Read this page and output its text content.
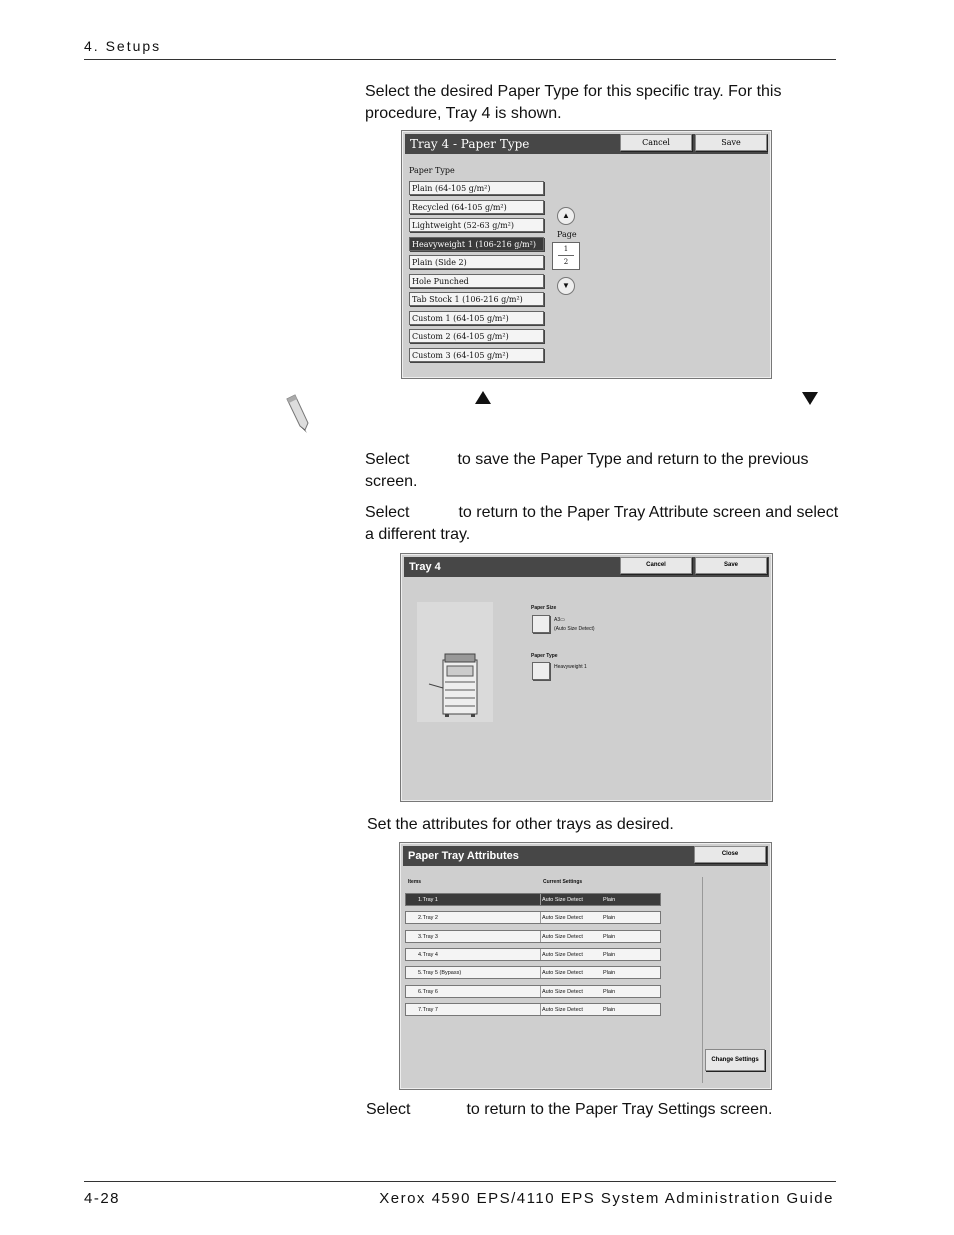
4. Setups
Select the desired Paper Type for this specific tray. For this procedure, Tray 4 is shown.
Tray 4 - Paper Type	Cancel	Save
Paper Type
Plain (64-105 g/m²)
Recycled (64-105 g/m²)
Lightweight (52-63 g/m²)
Heavyweight 1 (106-216 g/m²)
Plain (Side 2)
Hole Punched
Tab Stock 1 (106-216 g/m²)
Custom 1 (64-105 g/m²)
Custom 2 (64-105 g/m²)
Custom 3 (64-105 g/m²)
▲
Page
1
2
▼
Select	to save the Paper Type and return to the previous screen.
Select	to return to the Paper Tray Attribute screen and select a different tray.
Tray 4	Cancel	Save
Paper Size
A3▭
(Auto Size Detect)
Paper Type
Heavyweight 1
Set the attributes for other trays as desired.
Paper Tray Attributes	Close
Items	Current Settings
1.Tray 1	Auto Size Detect	Plain
2.Tray 2	Auto Size Detect	Plain
3.Tray 3	Auto Size Detect	Plain
4.Tray 4	Auto Size Detect	Plain
5.Tray 5 (Bypass)	Auto Size Detect	Plain
6.Tray 6	Auto Size Detect	Plain
7.Tray 7	Auto Size Detect	Plain
Change Settings
Select	to return to the Paper Tray Settings screen.
4-28	Xerox 4590 EPS/4110 EPS System Administration Guide
